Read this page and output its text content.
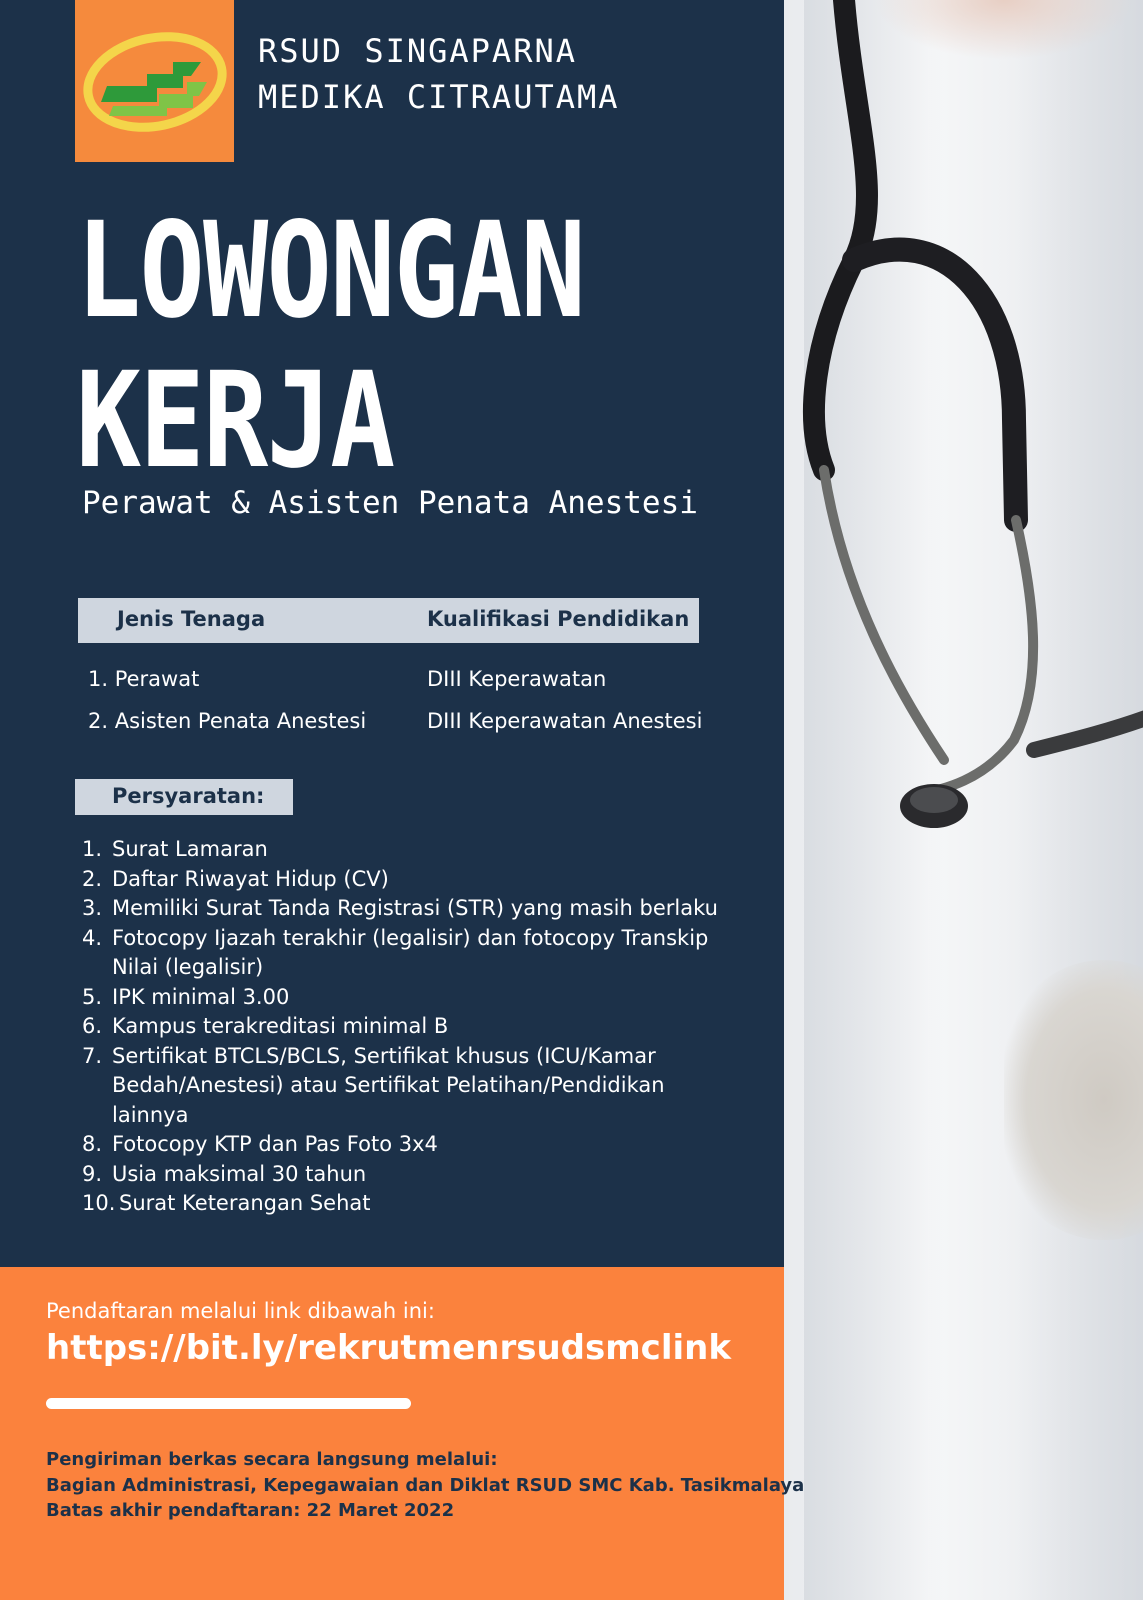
RSUD SINGAPARNA
MEDIKA CITRAUTAMA
LOWONGAN
KERJA
Perawat & Asisten Penata Anestesi
Jenis Tenaga	Kualifikasi Pendidikan
1. Perawat	DIII Keperawatan
2. Asisten Penata Anestesi	DIII Keperawatan Anestesi
Persyaratan:
1. Surat Lamaran
2. Daftar Riwayat Hidup (CV)
3. Memiliki Surat Tanda Registrasi (STR) yang masih berlaku
4. Fotocopy Ijazah terakhir (legalisir) dan fotocopy Transkip Nilai (legalisir)
5. IPK minimal 3.00
6. Kampus terakreditasi minimal B
7. Sertifikat BTCLS/BCLS, Sertifikat khusus (ICU/Kamar Bedah/Anestesi) atau Sertifikat Pelatihan/Pendidikan lainnya
8. Fotocopy KTP dan Pas Foto 3x4
9. Usia maksimal 30 tahun
10. Surat Keterangan Sehat
Pendaftaran melalui link dibawah ini:
https://bit.ly/rekrutmenrsudsmclink
Pengiriman berkas secara langsung melalui:
Bagian Administrasi, Kepegawaian dan Diklat RSUD SMC Kab. Tasikmalaya
Batas akhir pendaftaran: 22 Maret 2022
